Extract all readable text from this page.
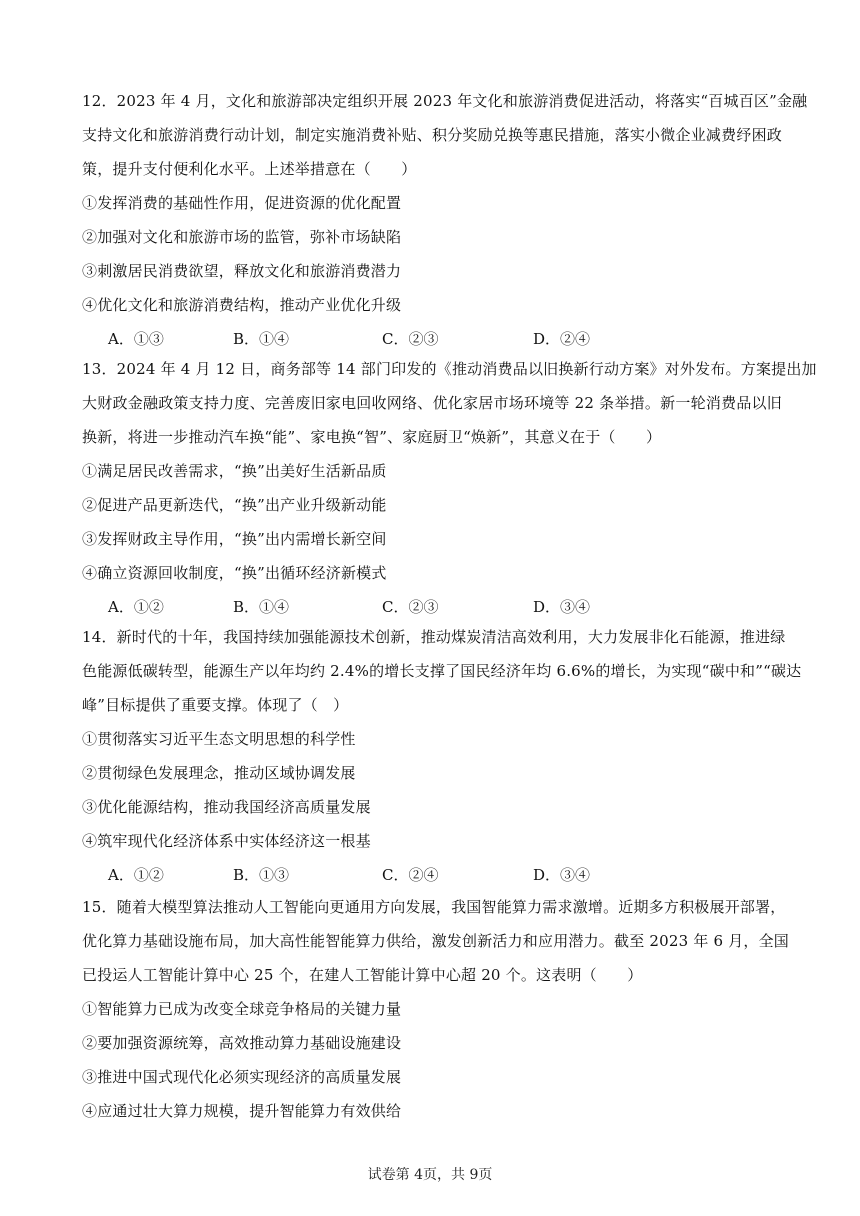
12．2023 年 4 月，文化和旅游部决定组织开展 2023 年文化和旅游消费促进活动，将落实“百城百区”金融
支持文化和旅游消费行动计划，制定实施消费补贴、积分奖励兑换等惠民措施，落实小微企业减费纾困政
策，提升支付便利化水平。上述举措意在（　　）
①发挥消费的基础性作用，促进资源的优化配置
②加强对文化和旅游市场的监管，弥补市场缺陷
③刺激居民消费欲望，释放文化和旅游消费潜力
④优化文化和旅游消费结构，推动产业优化升级
A．①③	B．①④	C．②③	D．②④
13．2024 年 4 月 12 日，商务部等 14 部门印发的《推动消费品以旧换新行动方案》对外发布。方案提出加
大财政金融政策支持力度、完善废旧家电回收网络、优化家居市场环境等 22 条举措。新一轮消费品以旧
换新，将进一步推动汽车换“能”、家电换“智”、家庭厨卫“焕新”，其意义在于（　　）
①满足居民改善需求，“换”出美好生活新品质
②促进产品更新迭代，“换”出产业升级新动能
③发挥财政主导作用，“换”出内需增长新空间
④确立资源回收制度，“换”出循环经济新模式
A．①②	B．①④	C．②③	D．③④
14．新时代的十年，我国持续加强能源技术创新，推动煤炭清洁高效利用，大力发展非化石能源，推进绿
色能源低碳转型，能源生产以年均约 2.4%的增长支撑了国民经济年均 6.6%的增长，为实现“碳中和”“碳达
峰”目标提供了重要支撑。体现了（　）
①贯彻落实习近平生态文明思想的科学性
②贯彻绿色发展理念，推动区域协调发展
③优化能源结构，推动我国经济高质量发展
④筑牢现代化经济体系中实体经济这一根基
A．①②	B．①③	C．②④	D．③④
15．随着大模型算法推动人工智能向更通用方向发展，我国智能算力需求激增。近期多方积极展开部署，
优化算力基础设施布局，加大高性能智能算力供给，激发创新活力和应用潜力。截至 2023 年 6 月，全国
已投运人工智能计算中心 25 个，在建人工智能计算中心超 20 个。这表明（　　）
①智能算力已成为改变全球竞争格局的关键力量
②要加强资源统筹，高效推动算力基础设施建设
③推进中国式现代化必须实现经济的高质量发展
④应通过壮大算力规模，提升智能算力有效供给
试卷第 4页，共 9页
